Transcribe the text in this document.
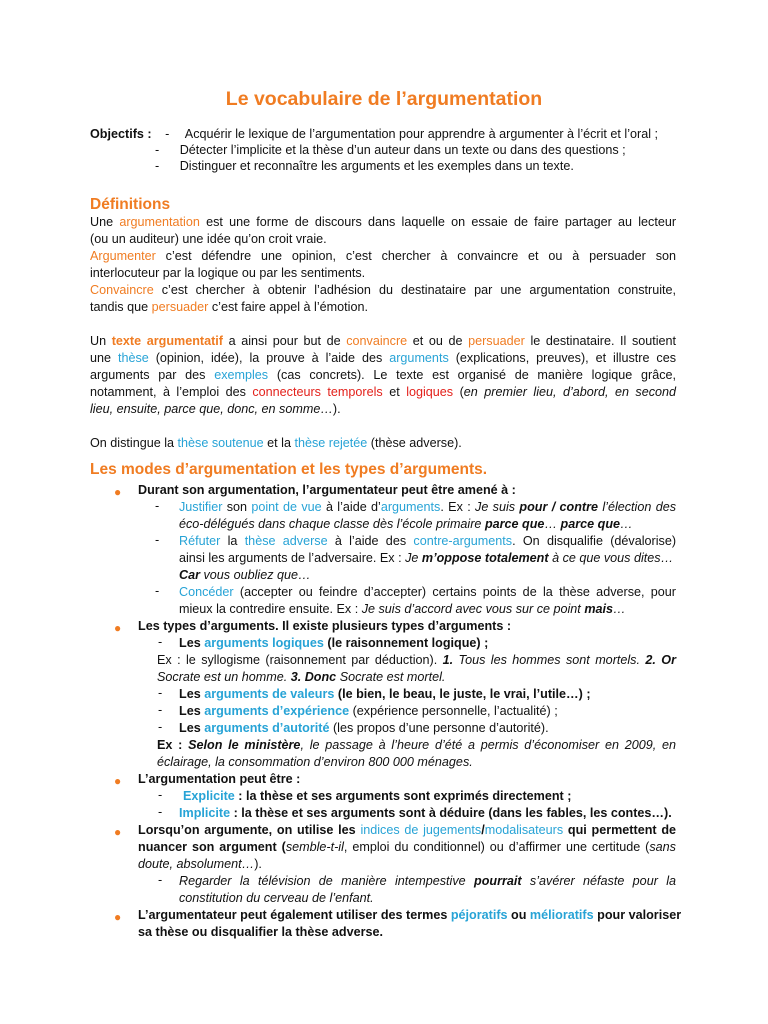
Le vocabulaire de l’argumentation
Objectifs : - Acquérir le lexique de l’argumentation pour apprendre à argumenter à l’écrit et l’oral ;
- Détecter l’implicite et la thèse d’un auteur dans un texte ou dans des questions ;
- Distinguer et reconnaître les arguments et les exemples dans un texte.
Définitions
Une argumentation est une forme de discours dans laquelle on essaie de faire partager au lecteur
(ou un auditeur) une idée qu’on croit vraie.
Argumenter c’est défendre une opinion, c’est chercher à convaincre et ou à persuader son
interlocuteur par la logique ou par les sentiments.
Convaincre c’est chercher à obtenir l’adhésion du destinataire par une argumentation construite,
tandis que persuader c’est faire appel à l’émotion.
Un texte argumentatif a ainsi pour but de convaincre et ou de persuader le destinataire. Il soutient
une thèse (opinion, idée), la prouve à l’aide des arguments (explications, preuves), et illustre ces
arguments par des exemples (cas concrets). Le texte est organisé de manière logique grâce,
notamment, à l’emploi des connecteurs temporels et logiques (en premier lieu, d’abord, en second
lieu, ensuite, parce que, donc, en somme…).
On distingue la thèse soutenue et la thèse rejetée (thèse adverse).
Les modes d’argumentation et les types d’arguments.
● Durant son argumentation, l’argumentateur peut être amené à :
- Justifier son point de vue à l’aide d’arguments. Ex : Je suis pour / contre l’élection des
éco-délégués dans chaque classe dès l’école primaire parce que… parce que…
- Réfuter la thèse adverse à l’aide des contre-arguments. On disqualifie (dévalorise)
ainsi les arguments de l’adversaire. Ex : Je m’oppose totalement à ce que vous dites…
Car vous oubliez que…
- Concéder (accepter ou feindre d’accepter) certains points de la thèse adverse, pour
mieux la contredire ensuite. Ex : Je suis d’accord avec vous sur ce point mais…
● Les types d’arguments. Il existe plusieurs types d’arguments :
- Les arguments logiques (le raisonnement logique) ;
Ex : le syllogisme (raisonnement par déduction). 1. Tous les hommes sont mortels. 2. Or
Socrate est un homme. 3. Donc Socrate est mortel.
- Les arguments de valeurs (le bien, le beau, le juste, le vrai, l’utile…) ;
- Les arguments d’expérience (expérience personnelle, l’actualité) ;
- Les arguments d’autorité (les propos d’une personne d’autorité).
Ex : Selon le ministère, le passage à l’heure d’été a permis d’économiser en 2009, en
éclairage, la consommation d’environ 800 000 ménages.
● L’argumentation peut être :
- Explicite : la thèse et ses arguments sont exprimés directement ;
- Implicite : la thèse et ses arguments sont à déduire (dans les fables, les contes…).
● Lorsqu’on argumente, on utilise les indices de jugements/modalisateurs qui permettent de
nuancer son argument (semble-t-il, emploi du conditionnel) ou d’affirmer une certitude (sans
doute, absolument…).
- Regarder la télévision de manière intempestive pourrait s’avérer néfaste pour la
constitution du cerveau de l’enfant.
● L’argumentateur peut également utiliser des termes péjoratifs ou mélioratifs pour valoriser
sa thèse ou disqualifier la thèse adverse.
